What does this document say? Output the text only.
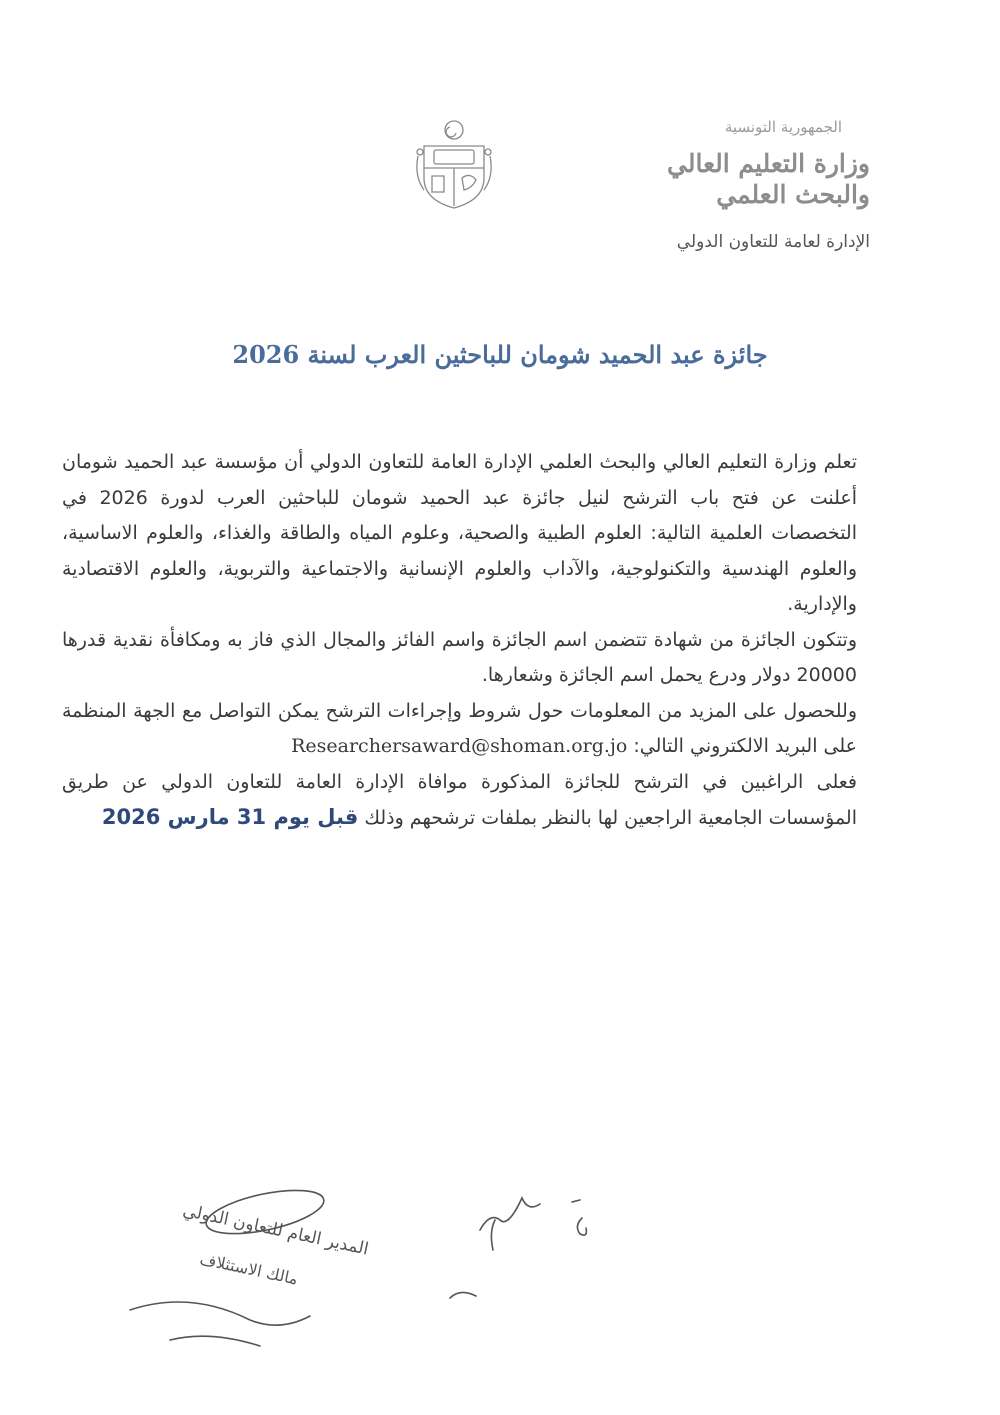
الجمهورية التونسية
وزارة التعليم العالي
والبحث العلمي
الإدارة لعامة للتعاون الدولي
جائزة عبد الحميد شومان للباحثين العرب لسنة 2026

تعلم وزارة التعليم العالي والبحث العلمي الإدارة العامة للتعاون الدولي أن مؤسسة عبد الحميد شومان أعلنت عن فتح باب الترشح لنيل جائزة عبد الحميد شومان للباحثين العرب لدورة 2026 في التخصصات العلمية التالية: العلوم الطبية والصحية، وعلوم المياه والطاقة والغذاء، والعلوم الاساسية، والعلوم الهندسية والتكنولوجية، والآداب والعلوم الإنسانية والاجتماعية والتربوية، والعلوم الاقتصادية والإدارية.

وتتكون الجائزة من شهادة تتضمن اسم الجائزة واسم الفائز والمجال الذي فاز به ومكافأة نقدية قدرها 20000 دولار ودرع يحمل اسم الجائزة وشعارها.

وللحصول على المزيد من المعلومات حول شروط وإجراءات الترشح يمكن التواصل مع الجهة المنظمة على البريد الالكتروني التالي: Researchersaward@shoman.org.jo

فعلى الراغبين في الترشح للجائزة المذكورة موافاة الإدارة العامة للتعاون الدولي عن طريق المؤسسات الجامعية الراجعين لها بالنظر بملفات ترشحهم وذلك قبل يوم 31 مارس 2026

المدير العام للتعاون الدولي
مالك الاستثلاف
